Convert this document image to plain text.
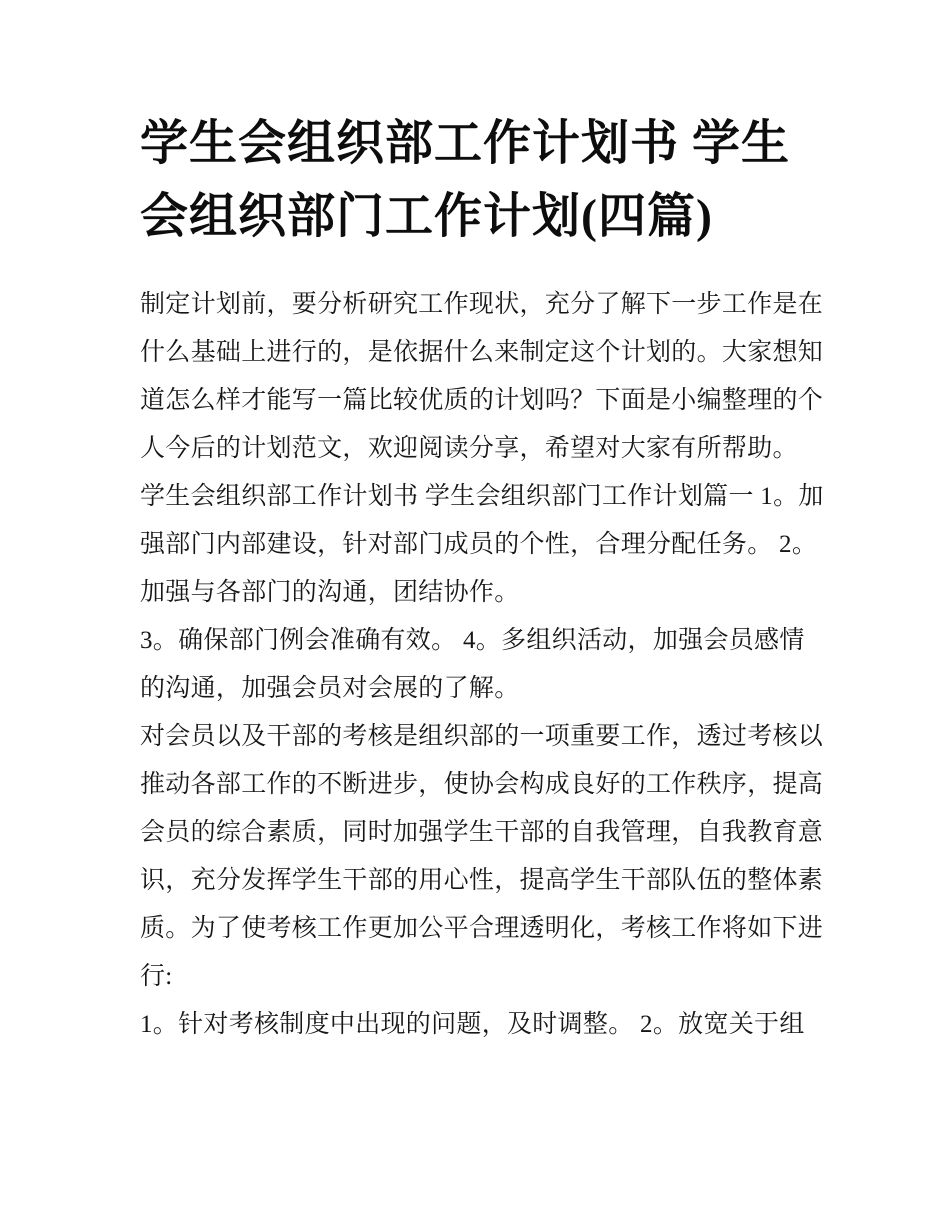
学生会组织部工作计划书 学生
会组织部门工作计划(四篇)

制定计划前，要分析研究工作现状，充分了解下一步工作是在
什么基础上进行的，是依据什么来制定这个计划的。大家想知
道怎么样才能写一篇比较优质的计划吗？下面是小编整理的个
人今后的计划范文，欢迎阅读分享，希望对大家有所帮助。

学生会组织部工作计划书 学生会组织部门工作计划篇一 1。加
强部门内部建设，针对部门成员的个性，合理分配任务。 2。
加强与各部门的沟通，团结协作。

3。确保部门例会准确有效。 4。多组织活动，加强会员感情
的沟通，加强会员对会展的了解。

对会员以及干部的考核是组织部的一项重要工作，透过考核以
推动各部工作的不断进步，使协会构成良好的工作秩序，提高
会员的综合素质，同时加强学生干部的自我管理，自我教育意
识，充分发挥学生干部的用心性，提高学生干部队伍的整体素
质。为了使考核工作更加公平合理透明化，考核工作将如下进
行:

1。针对考核制度中出现的问题，及时调整。 2。放宽关于组
